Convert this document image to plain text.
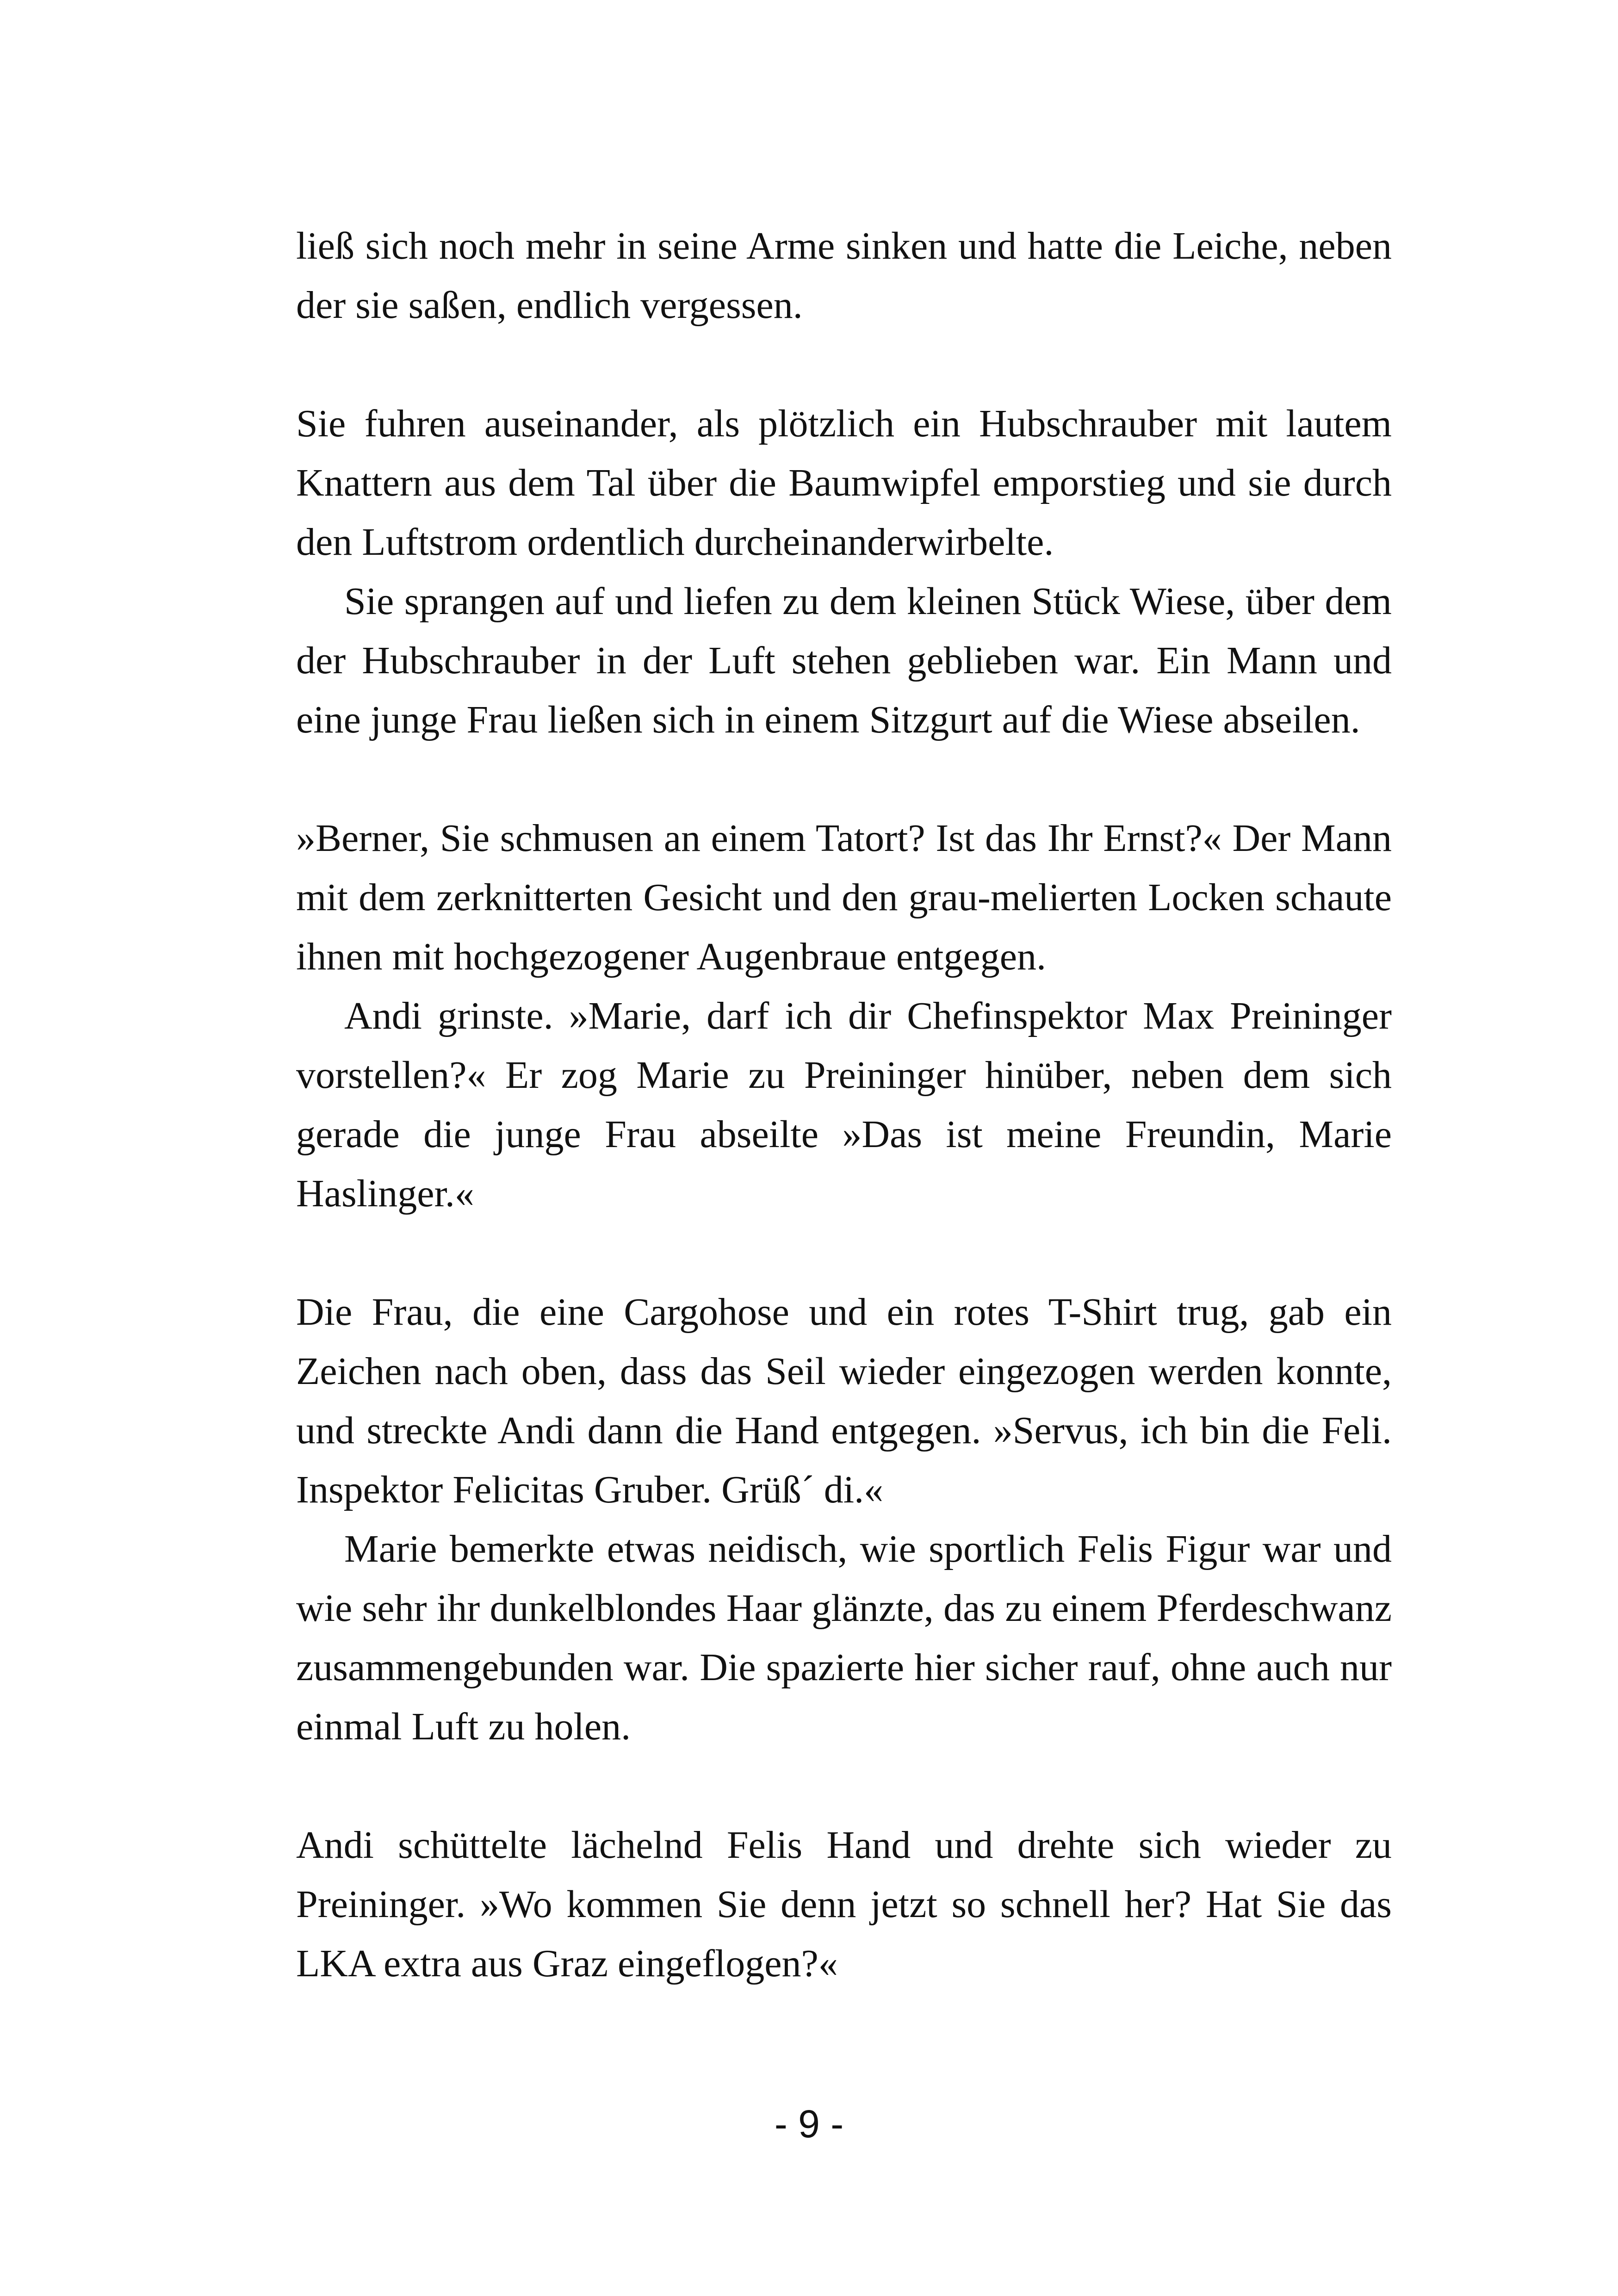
ließ sich noch mehr in seine Arme sinken und hatte die Leiche, neben der sie saßen, endlich vergessen.

Sie fuhren auseinander, als plötzlich ein Hubschrauber mit lautem Knattern aus dem Tal über die Baumwipfel emporstieg und sie durch den Luftstrom ordentlich durcheinanderwirbelte.

Sie sprangen auf und liefen zu dem kleinen Stück Wiese, über dem der Hubschrauber in der Luft stehen geblieben war. Ein Mann und eine junge Frau ließen sich in einem Sitzgurt auf die Wiese abseilen.

»Berner, Sie schmusen an einem Tatort? Ist das Ihr Ernst?« Der Mann mit dem zerknitterten Gesicht und den grau-melierten Locken schaute ihnen mit hochgezogener Augenbraue entgegen.

Andi grinste. »Marie, darf ich dir Chefinspektor Max Preininger vorstellen?« Er zog Marie zu Preininger hinüber, neben dem sich gerade die junge Frau abseilte »Das ist meine Freundin, Marie Haslinger.«

Die Frau, die eine Cargohose und ein rotes T-Shirt trug, gab ein Zeichen nach oben, dass das Seil wieder eingezogen werden konnte, und streckte Andi dann die Hand entgegen. »Servus, ich bin die Feli. Inspektor Felicitas Gruber. Grüß´ di.«

Marie bemerkte etwas neidisch, wie sportlich Felis Figur war und wie sehr ihr dunkelblondes Haar glänzte, das zu einem Pferdeschwanz zusammengebunden war. Die spazierte hier sicher rauf, ohne auch nur einmal Luft zu holen.

Andi schüttelte lächelnd Felis Hand und drehte sich wieder zu Preininger. »Wo kommen Sie denn jetzt so schnell her? Hat Sie das LKA extra aus Graz eingeflogen?«

- 9 -
